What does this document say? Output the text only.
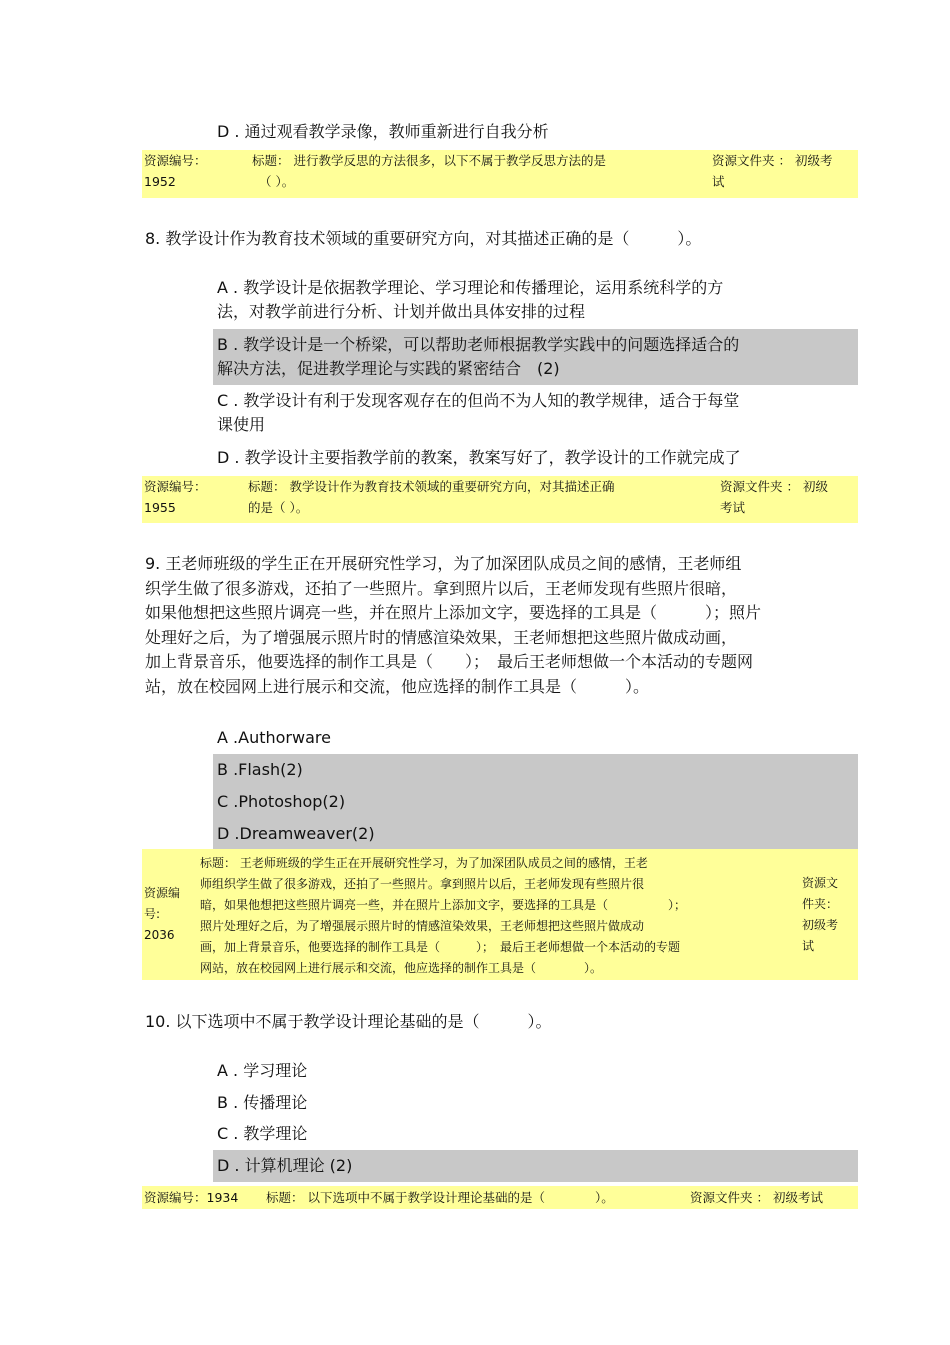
D . 通过观看教学录像，教师重新进行自我分析
资源编号：
1952
标题： 进行教学反思的方法很多，以下不属于教学反思方法的是
（ ）。
资源文件夹 ： 初级考
试
8. 教学设计作为教育技术领域的重要研究方向，对其描述正确的是（　　　）。
A . 教学设计是依据教学理论、学习理论和传播理论，运用系统科学的方
法，对教学前进行分析、计划并做出具体安排的过程
B . 教学设计是一个桥梁，可以帮助老师根据教学实践中的问题选择适合的
解决方法，促进教学理论与实践的紧密结合　(2)
C . 教学设计有利于发现客观存在的但尚不为人知的教学规律，适合于每堂
课使用
D . 教学设计主要指教学前的教案，教案写好了，教学设计的工作就完成了
资源编号：
1955
标题： 教学设计作为教育技术领域的重要研究方向，对其描述正确
的是（ ）。
资源文件夹 ： 初级
考试
9. 王老师班级的学生正在开展研究性学习，为了加深团队成员之间的感情，王老师组
织学生做了很多游戏，还拍了一些照片。拿到照片以后，王老师发现有些照片很暗，
如果他想把这些照片调亮一些，并在照片上添加文字，要选择的工具是（　　　）；照片
处理好之后，为了增强展示照片时的情感渲染效果，王老师想把这些照片做成动画，
加上背景音乐，他要选择的制作工具是（　　）；　最后王老师想做一个本活动的专题网
站，放在校园网上进行展示和交流，他应选择的制作工具是（　　　）。
A .Authorware
B .Flash(2)
C .Photoshop(2)
D .Dreamweaver(2)
资源编
号:
2036
标题： 王老师班级的学生正在开展研究性学习，为了加深团队成员之间的感情，王老
师组织学生做了很多游戏，还拍了一些照片。拿到照片以后，王老师发现有些照片很
暗，如果他想把这些照片调亮一些，并在照片上添加文字，要选择的工具是（　　　　　）；
照片处理好之后，为了增强展示照片时的情感渲染效果，王老师想把这些照片做成动
画，加上背景音乐，他要选择的制作工具是（　　　）；　最后王老师想做一个本活动的专题
网站，放在校园网上进行展示和交流，他应选择的制作工具是（　　　　）。
资源文
件夹：
初级考
试
10. 以下选项中不属于教学设计理论基础的是（　　　）。
A . 学习理论
B . 传播理论
C . 教学理论
D . 计算机理论 (2)
资源编号：1934 标题： 以下选项中不属于教学设计理论基础的是（　　　　）。	资源文件夹 ： 初级考试
